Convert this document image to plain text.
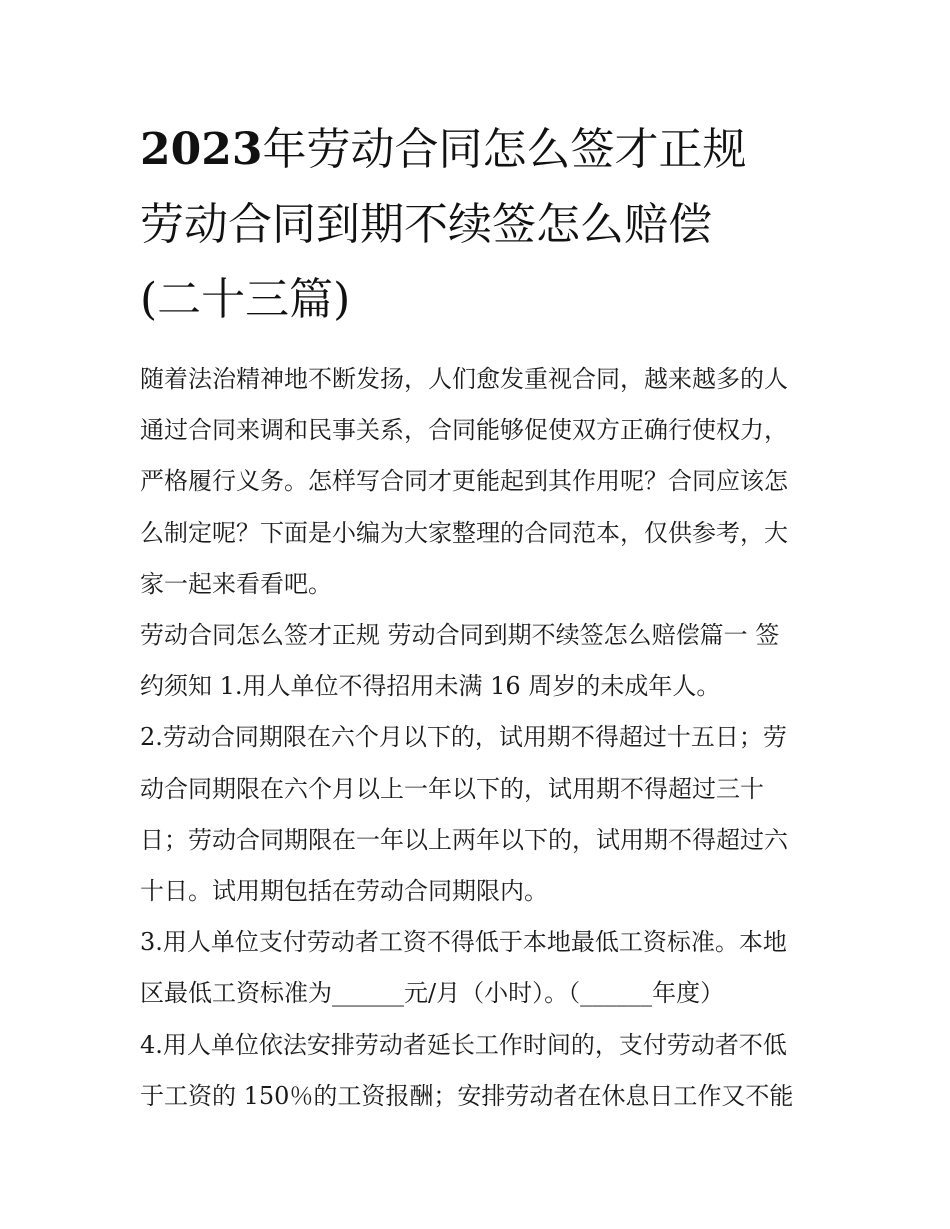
2023年劳动合同怎么签才正规
劳动合同到期不续签怎么赔偿
(二十三篇)

随着法治精神地不断发扬，人们愈发重视合同，越来越多的人
通过合同来调和民事关系，合同能够促使双方正确行使权力，
严格履行义务。怎样写合同才更能起到其作用呢？合同应该怎
么制定呢？下面是小编为大家整理的合同范本，仅供参考，大
家一起来看看吧。

劳动合同怎么签才正规 劳动合同到期不续签怎么赔偿篇一 签
约须知 1.用人单位不得招用未满 16 周岁的未成年人。

2.劳动合同期限在六个月以下的，试用期不得超过十五日；劳
动合同期限在六个月以上一年以下的，试用期不得超过三十
日；劳动合同期限在一年以上两年以下的，试用期不得超过六
十日。试用期包括在劳动合同期限内。

3.用人单位支付劳动者工资不得低于本地最低工资标准。本地
区最低工资标准为______元/月（小时）。（______年度）

4.用人单位依法安排劳动者延长工作时间的，支付劳动者不低
于工资的 150％的工资报酬；安排劳动者在休息日工作又不能
